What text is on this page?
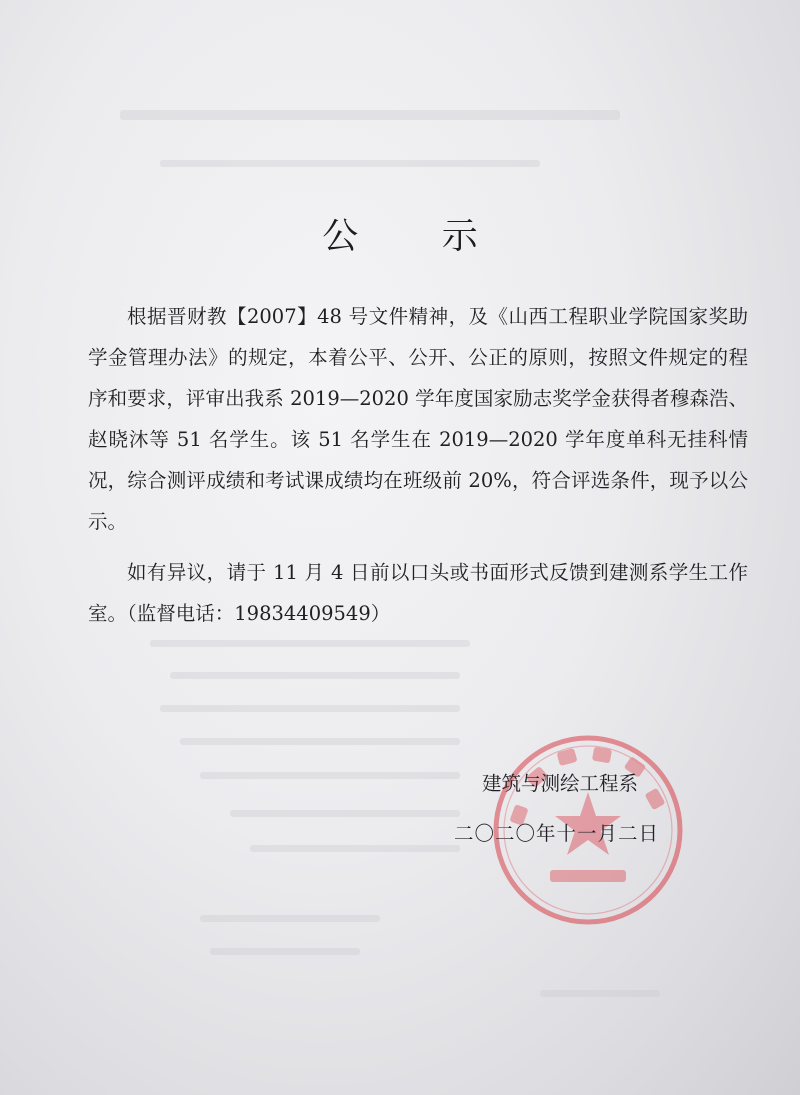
公 示

根据晋财教【2007】48 号文件精神，及《山西工程职业学院国家奖助学金管理办法》的规定，本着公平、公开、公正的原则，按照文件规定的程序和要求，评审出我系 2019—2020 学年度国家励志奖学金获得者穆森浩、赵晓沐等 51 名学生。该 51 名学生在 2019—2020 学年度单科无挂科情况，综合测评成绩和考试课成绩均在班级前 20%，符合评选条件，现予以公示。

如有异议，请于 11 月 4 日前以口头或书面形式反馈到建测系学生工作室。（监督电话：19834409549）

建筑与测绘工程系
二〇二〇年十一月二日
